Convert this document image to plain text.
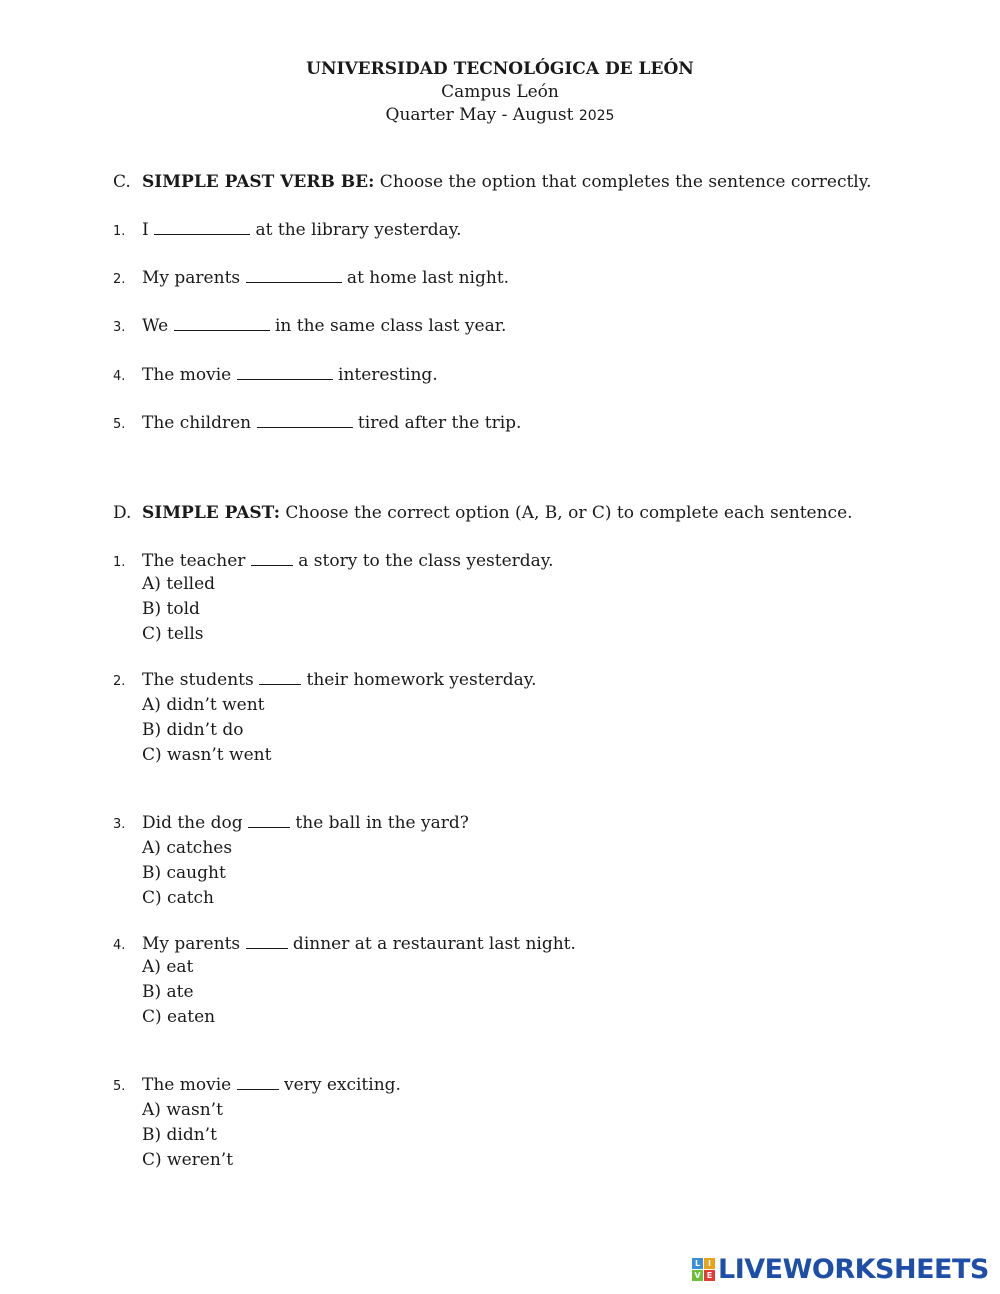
UNIVERSIDAD TECNOLÓGICA DE LEÓN
Campus León
Quarter May ‑ August 2025
C. SIMPLE PAST VERB BE: Choose the option that completes the sentence correctly.
1. I	at the library yesterday.
2. My parents	at home last night.
3. We	in the same class last year.
4. The movie	interesting.
5. The children	tired after the trip.
D. SIMPLE PAST: Choose the correct option (A, B, or C) to complete each sentence.
1. The teacher  a story to the class yesterday.
A) telled
B) told
C) tells
2. The students  their homework yesterday.
A) didn’t went
B) didn’t do
C) wasn’t went
3. Did the dog  the ball in the yard?
A) catches
B) caught
C) catch
4. My parents  dinner at a restaurant last night.
A) eat
B) ate
C) eaten
5. The movie  very exciting.
A) wasn’t
B) didn’t
C) weren’t
L I
V E LIVEWORKSHEETS
